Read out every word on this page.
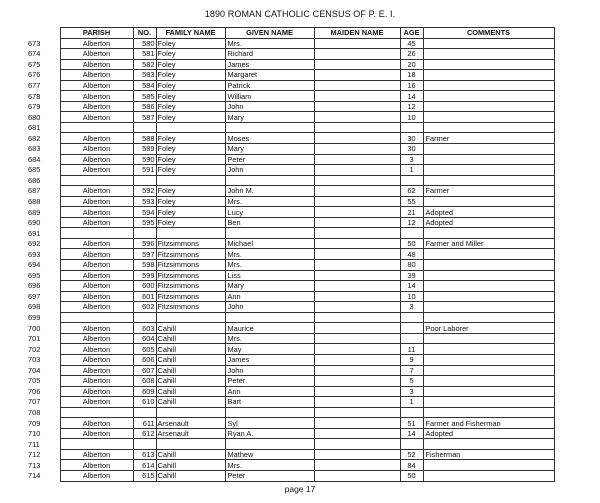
1890 ROMAN CATHOLIC CENSUS OF P. E. I.
	PARISH	NO.	FAMILY NAME	GIVEN NAME	MAIDEN NAME	AGE	COMMENTS
673	Alberton	580	Foley	Mrs.		45	
674	Alberton	581	Foley	Richard		26	
675	Alberton	582	Foley	James		20	
676	Alberton	583	Foley	Margaret		18	
677	Alberton	584	Foley	Patrick		16	
678	Alberton	585	Foley	William		14	
679	Alberton	586	Foley	John		12	
680	Alberton	587	Foley	Mary		10	
681							
682	Alberton	588	Foley	Moses		30	Farmer
683	Alberton	589	Foley	Mary		30	
684	Alberton	590	Foley	Peter		3	
685	Alberton	591	Foley	John		1	
686							
687	Alberton	592	Foley	John M.		62	Farmer
688	Alberton	593	Foley	Mrs.		55	
689	Alberton	594	Foley	Lucy		21	Adopted
690	Alberton	595	Foley	Ben		12	Adopted
691							
692	Alberton	596	Fitzsimmons	Michael		50	Farmer and Miller
693	Alberton	597	Fitzsimmons	Mrs.		48	
694	Alberton	598	Fitzsimmons	Mrs.		80	
695	Alberton	599	Fitzsimmons	Liss		39	
696	Alberton	600	Fitzsimmons	Mary		14	
697	Alberton	601	Fitzsimmons	Ann		10	
698	Alberton	602	Fitzsimmons	John		3	
699							
700	Alberton	603	Cahill	Maurice			Poor Laborer
701	Alberton	604	Cahill	Mrs.			
702	Alberton	605	Cahill	May		11	
703	Alberton	606	Cahill	James		9	
704	Alberton	607	Cahill	John		7	
705	Alberton	608	Cahill	Peter		5	
706	Alberton	609	Cahill	Ann		3	
707	Alberton	610	Cahill	Bart		1	
708							
709	Alberton	611	Arsenault	Syl		51	Farmer and Fisherman
710	Alberton	612	Arsenault	Ryan A.		14	Adopted
711							
712	Alberton	613	Cahill	Mathew		52	Fisherman
713	Alberton	614	Cahill	Mrs.		84	
714	Alberton	615	Cahill	Peter		50	
page 17
